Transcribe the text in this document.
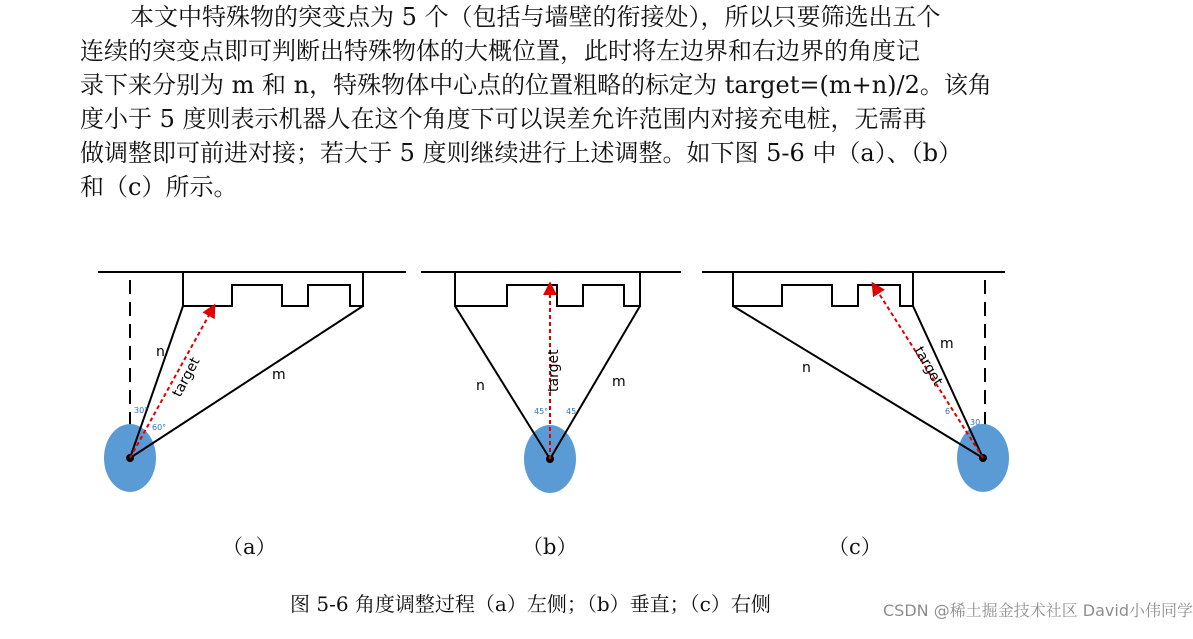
本文中特殊物的突变点为 5 个（包括与墙壁的衔接处），所以只要筛选出五个
连续的突变点即可判断出特殊物体的大概位置，此时将左边界和右边界的角度记
录下来分别为 m 和 n，特殊物体中心点的位置粗略的标定为 target=(m+n)/2。该角
度小于 5 度则表示机器人在这个角度下可以误差允许范围内对接充电桩，无需再
做调整即可前进对接；若大于 5 度则继续进行上述调整。如下图 5-6 中（a）、（b）
和（c）所示。
n
m
target
30°
60°
n	m
target
45° 45
n
m
target
6
30
（a）	（b）	（c）
图 5-6 角度调整过程（a）左侧；（b）垂直；（c）右侧	CSDN @稀土掘金技术社区 David小伟同学
